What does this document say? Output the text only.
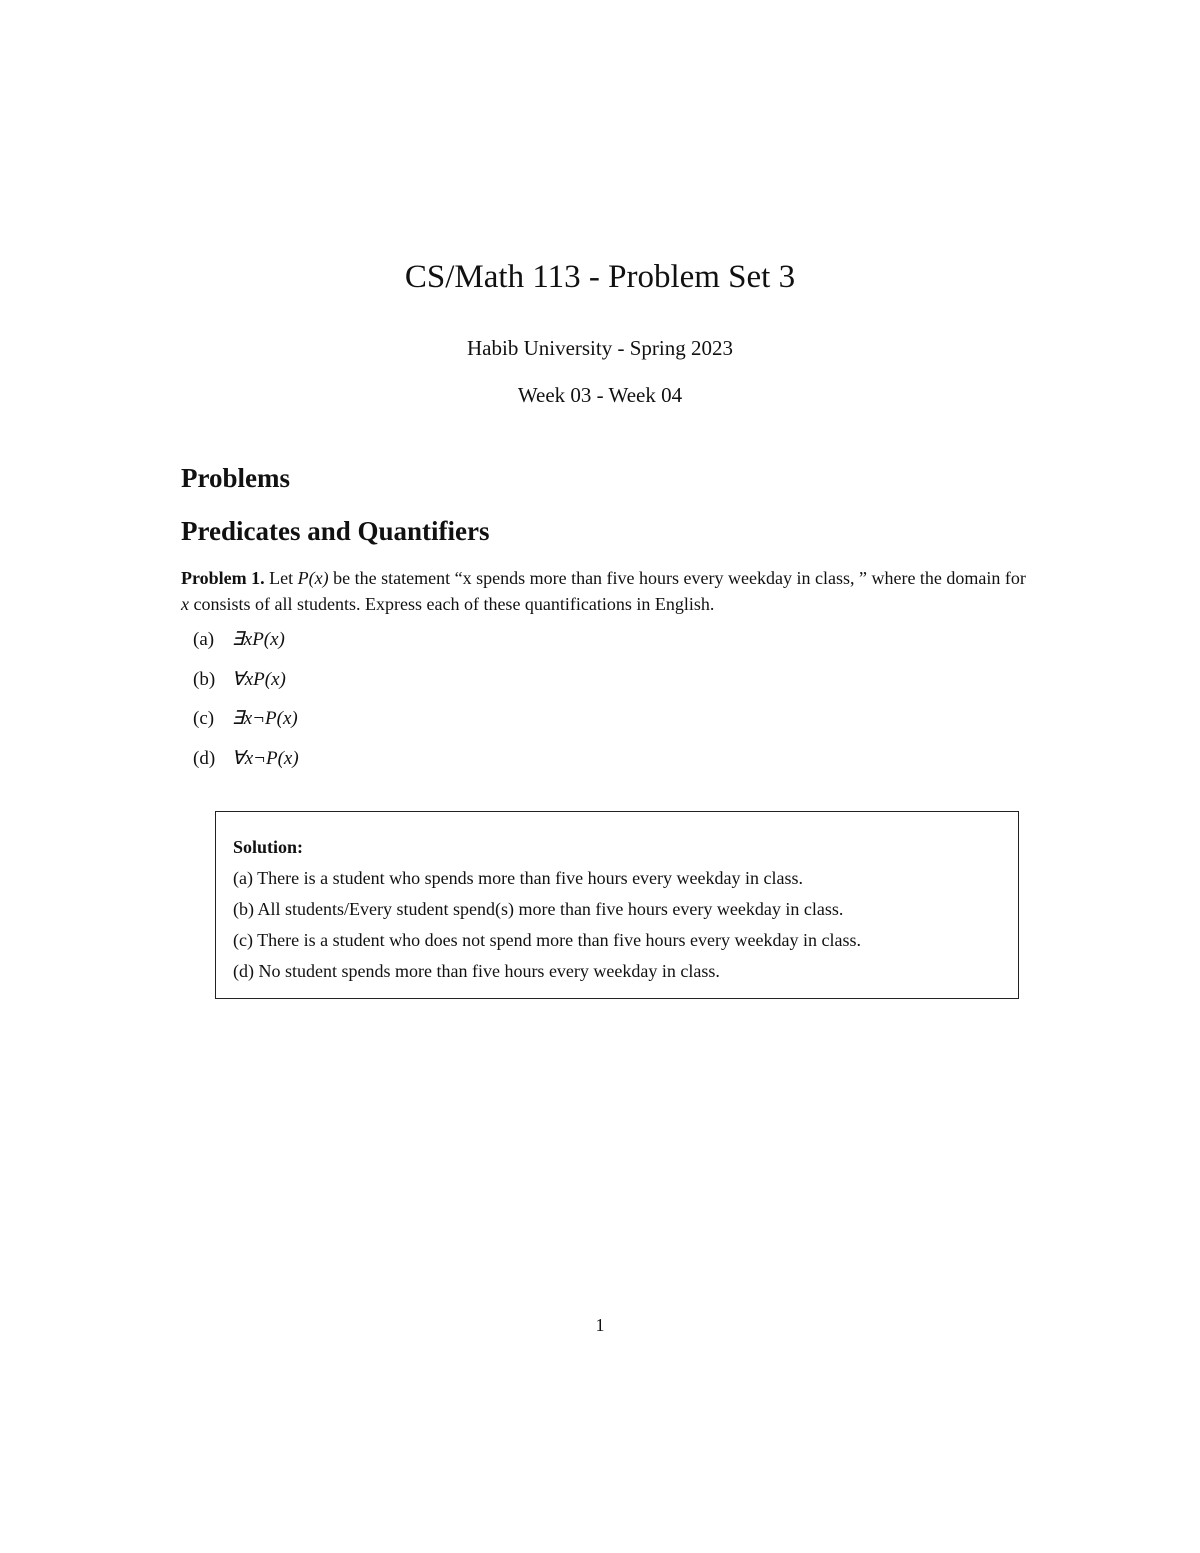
CS/Math 113 - Problem Set 3
Habib University - Spring 2023
Week 03 - Week 04
Problems
Predicates and Quantifiers
Problem 1. Let P(x) be the statement “x spends more than five hours every weekday in class, ” where the domain for x consists of all students. Express each of these quantifications in English.
(a) ∃xP(x)
(b) ∀xP(x)
(c) ∃x¬P(x)
(d) ∀x¬P(x)
Solution:
(a) There is a student who spends more than five hours every weekday in class.
(b) All students/Every student spend(s) more than five hours every weekday in class.
(c) There is a student who does not spend more than five hours every weekday in class.
(d) No student spends more than five hours every weekday in class.
1
